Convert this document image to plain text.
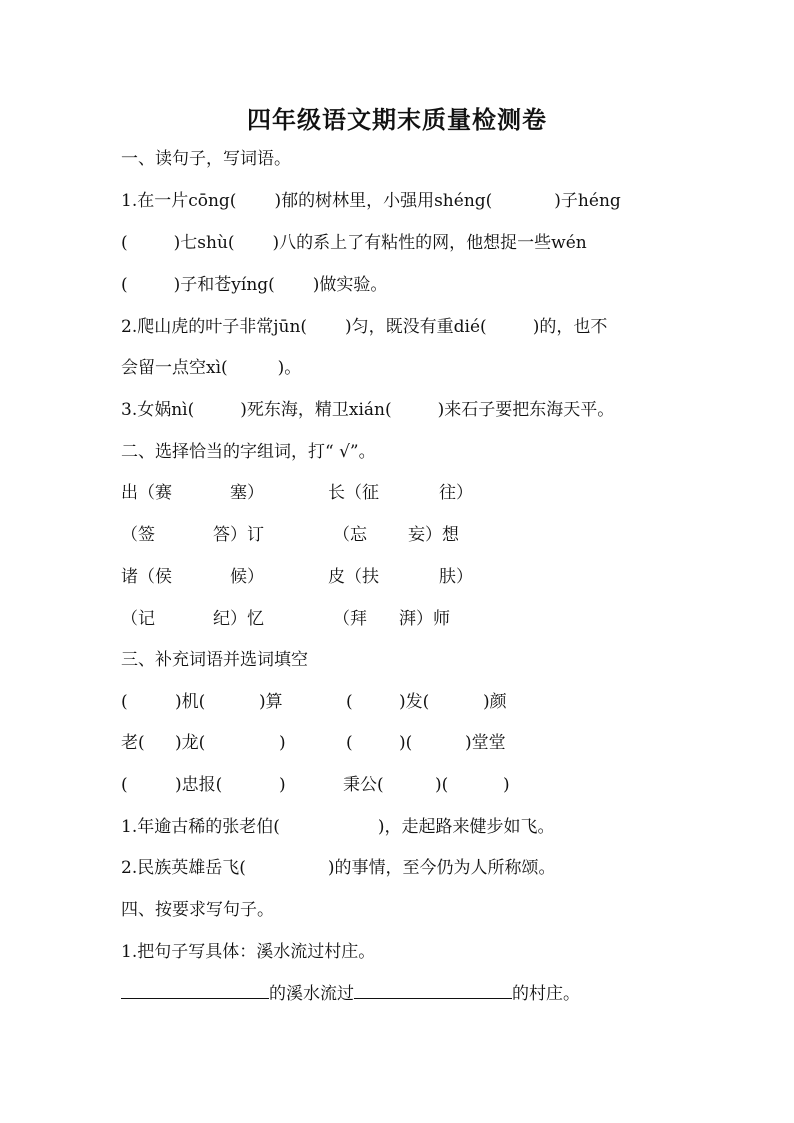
四年级语文期末质量检测卷
一、读句子，写词语。
1.在一片cōng( )郁的树林里，小强用shéng(	)子héng
(	)七shù( )八的系上了有粘性的网，他想捉一些wén
(	)子和苍yíng( )做实验。
2.爬山虎的叶子非常jūn( )匀，既没有重dié(	)的，也不
会留一点空xì(	)。
3.女娲nì(	)死东海，精卫xián(	)来石子要把东海天平。
二、选择恰当的字组词，打“ √”。
出（赛	塞）	长（征	往）
（签	答）订	（忘 妄）想
诸（侯	候）	皮（扶	肤）
（记	纪）忆	（拜 湃）师
三、补充词语并选词填空
(	)机(	)算	(	)发(	)颜
老( )龙(	)	(	)(	)堂堂
(	)忠报(	)	秉公(	)(	)
1.年逾古稀的张老伯(	)，走起路来健步如飞。
2.民族英雄岳飞(	)的事情，至今仍为人所称颂。
四、按要求写句子。
1.把句子写具体：溪水流过村庄。
的溪水流过	的村庄。
